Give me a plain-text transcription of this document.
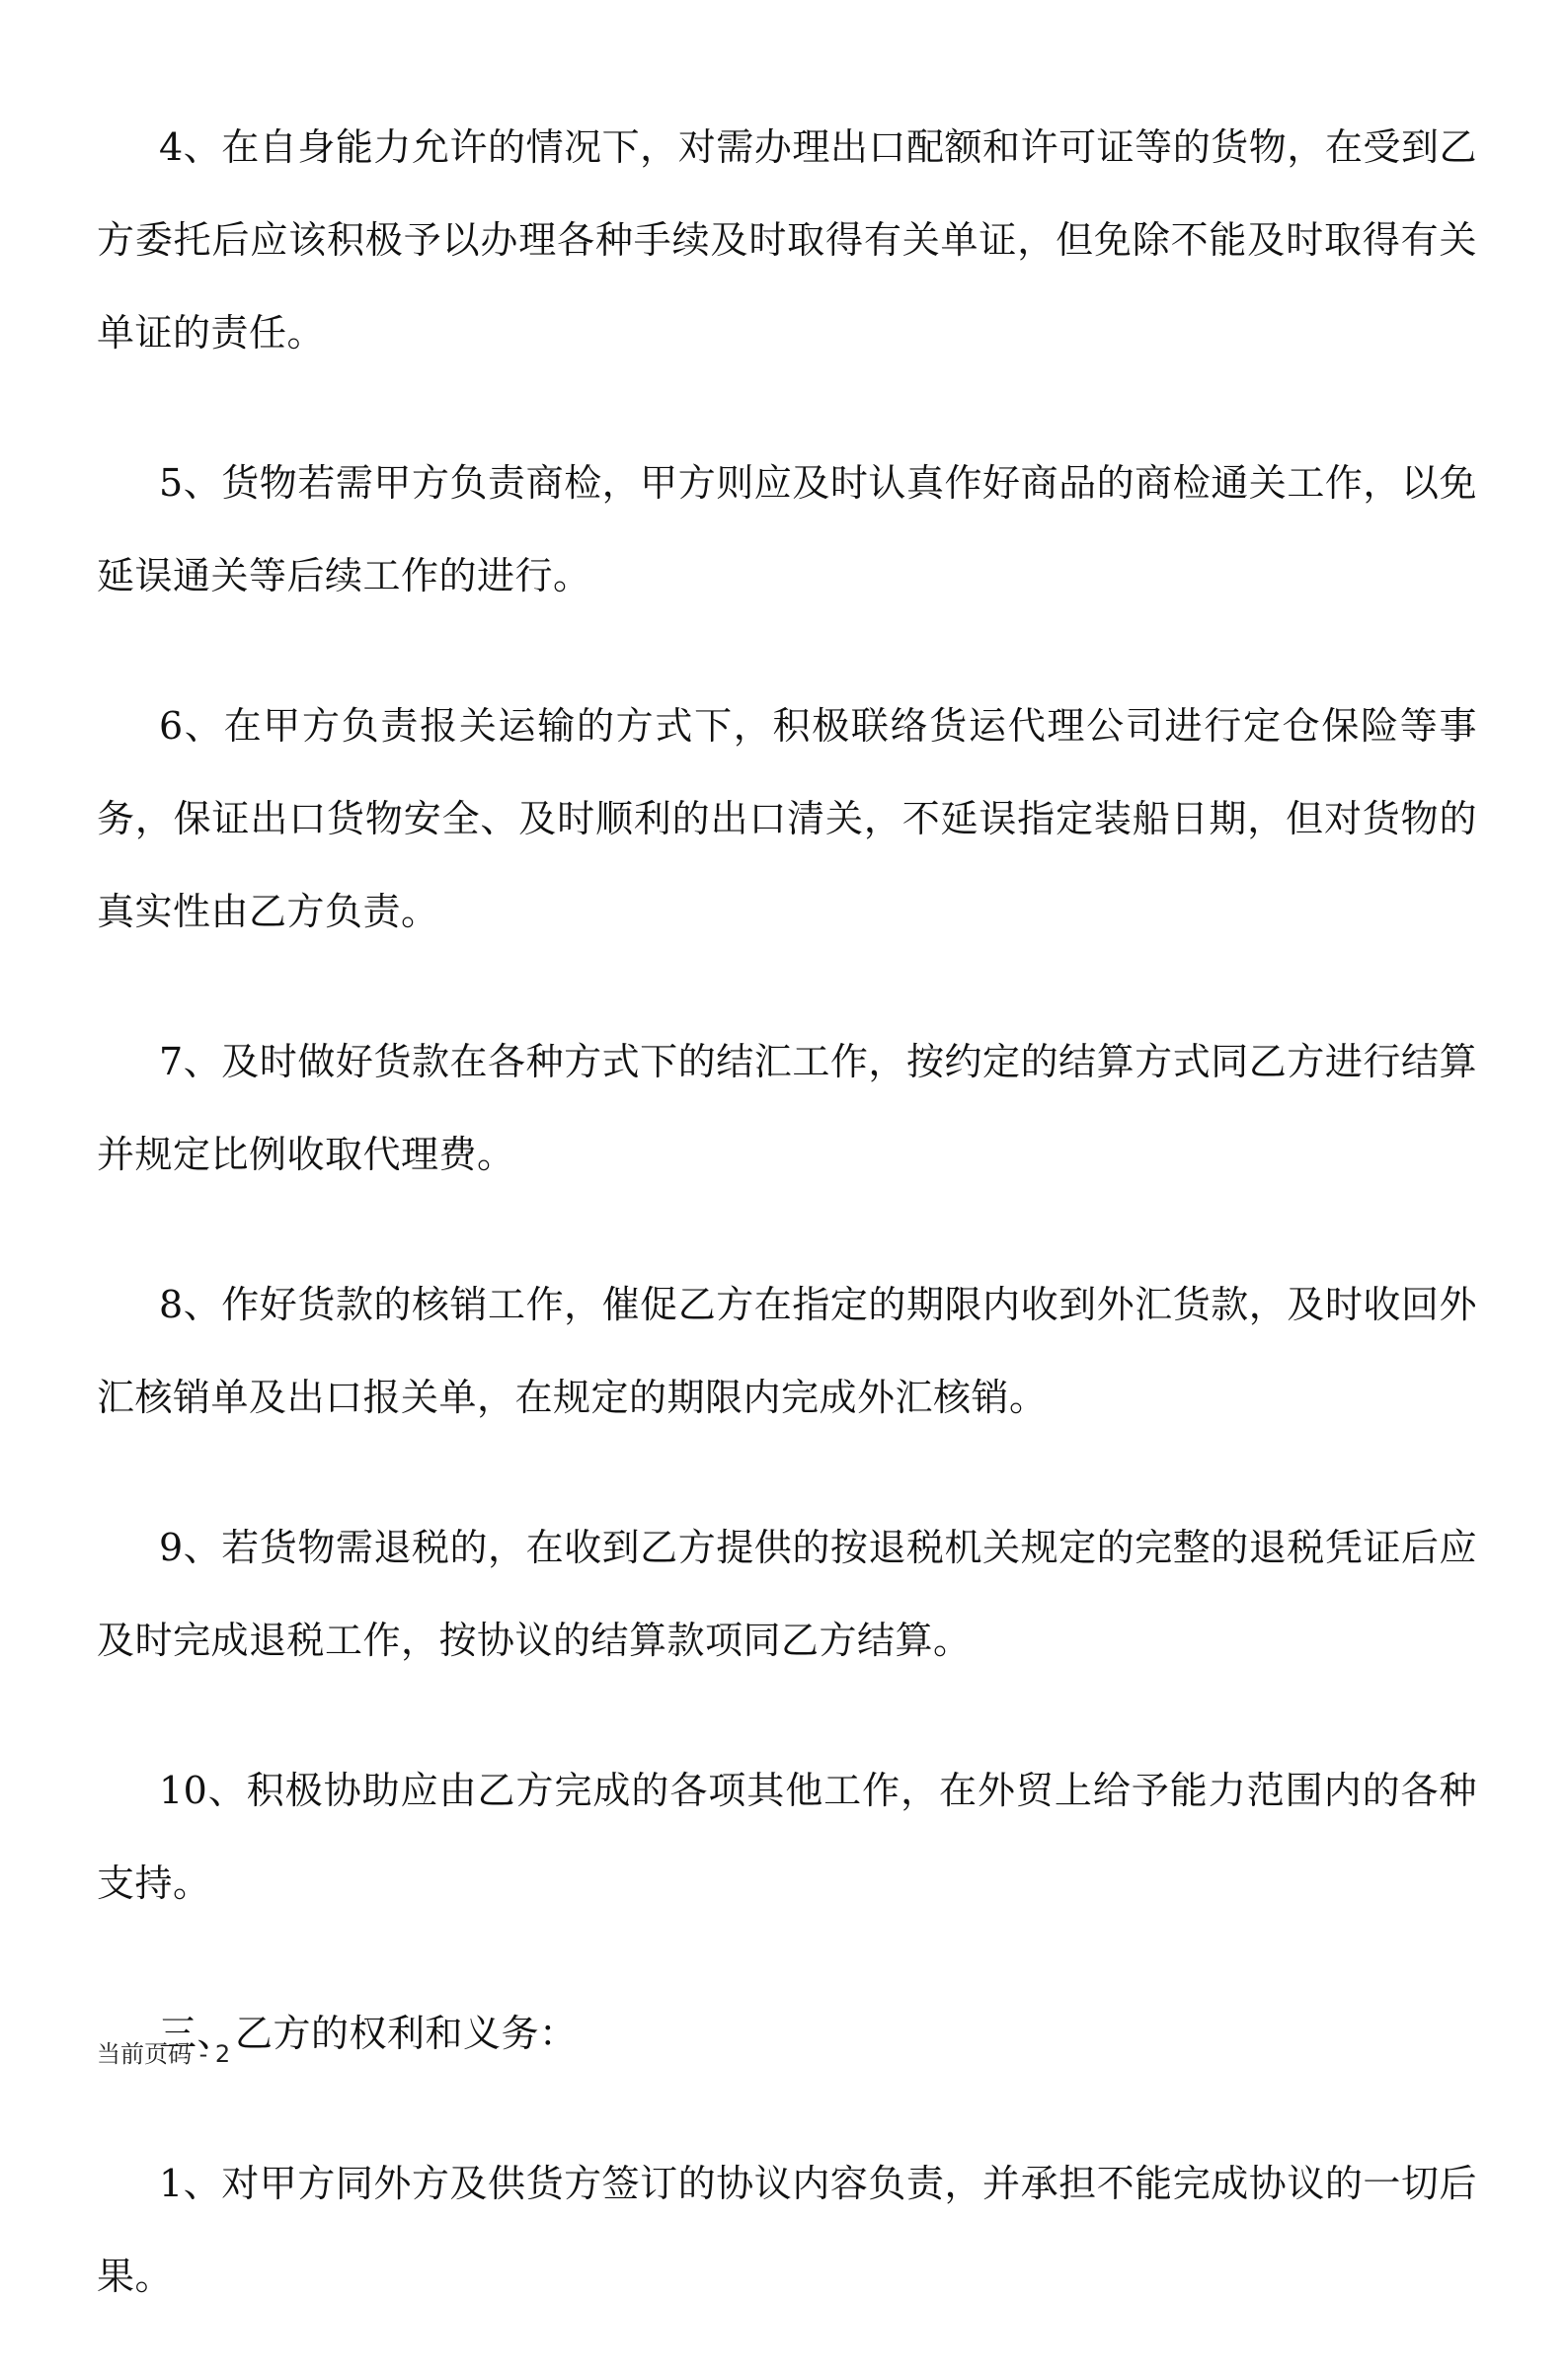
4、在自身能力允许的情况下，对需办理出口配额和许可证等的货物，在受到乙方委托后应该积极予以办理各种手续及时取得有关单证，但免除不能及时取得有关单证的责任。

5、货物若需甲方负责商检，甲方则应及时认真作好商品的商检通关工作，以免延误通关等后续工作的进行。

6、在甲方负责报关运输的方式下，积极联络货运代理公司进行定仓保险等事务，保证出口货物安全、及时顺利的出口清关，不延误指定装船日期，但对货物的真实性由乙方负责。

7、及时做好货款在各种方式下的结汇工作，按约定的结算方式同乙方进行结算并规定比例收取代理费。

8、作好货款的核销工作，催促乙方在指定的期限内收到外汇货款，及时收回外汇核销单及出口报关单，在规定的期限内完成外汇核销。

9、若货物需退税的，在收到乙方提供的按退税机关规定的完整的退税凭证后应及时完成退税工作，按协议的结算款项同乙方结算。

10、积极协助应由乙方完成的各项其他工作，在外贸上给予能力范围内的各种支持。

三、乙方的权利和义务：

1、对甲方同外方及供货方签订的协议内容负责，并承担不能完成协议的一切后果。

当前页码 - 2
